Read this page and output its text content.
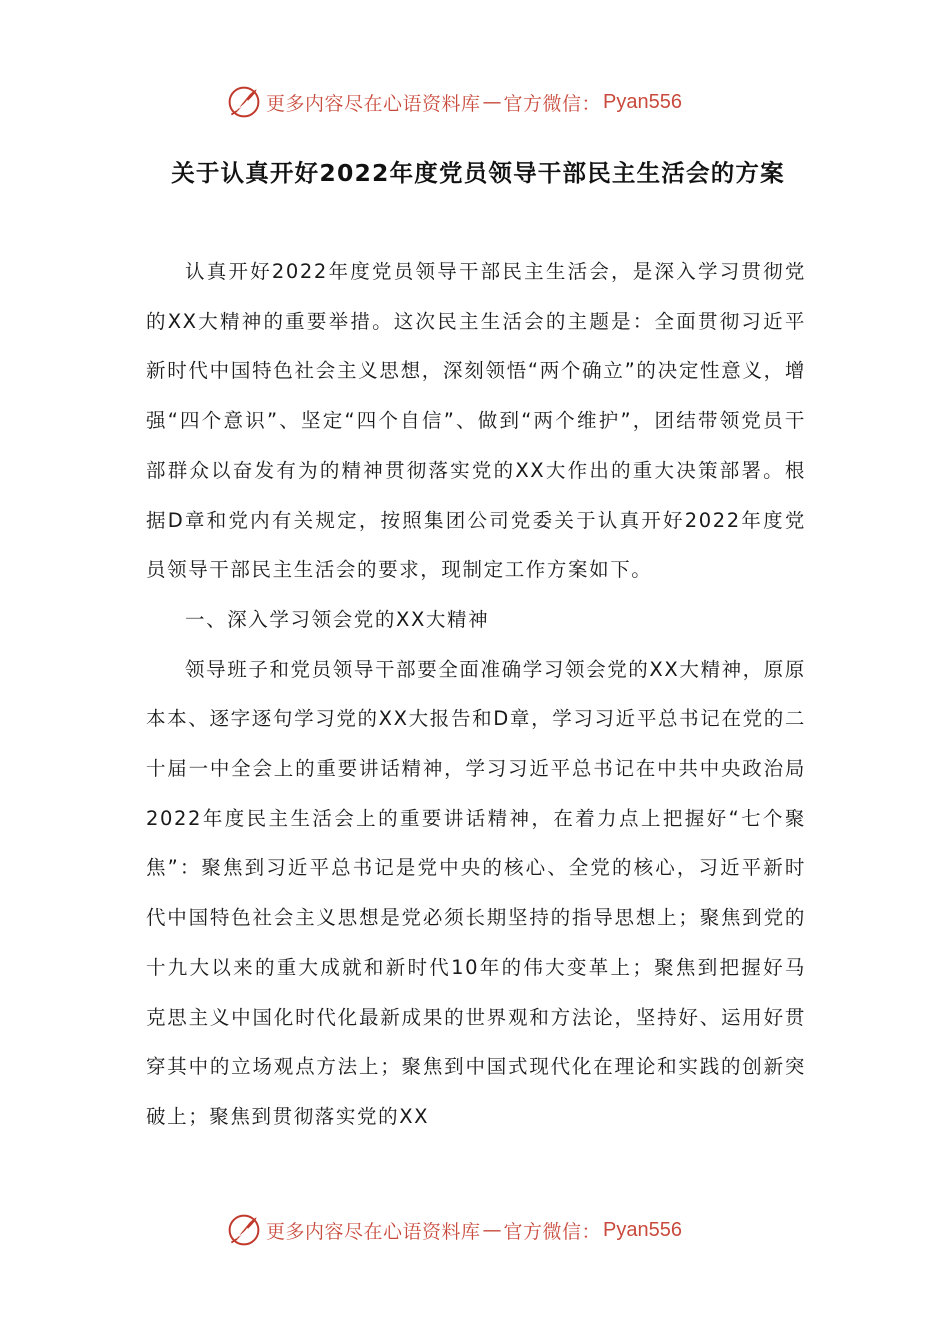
更多内容尽在心语资料库 — 官方微信： Pyan556
关于认真开好2022年度党员领导干部民主生活会的方案

认真开好2022年度党员领导干部民主生活会，是深入学习贯彻党的XX大精神的重要举措。这次民主生活会的主题是：全面贯彻习近平新时代中国特色社会主义思想，深刻领悟“两个确立”的决定性意义，增强“四个意识”、坚定“四个自信”、做到“两个维护”，团结带领党员干部群众以奋发有为的精神贯彻落实党的XX大作出的重大决策部署。根据D章和党内有关规定，按照集团公司党委关于认真开好2022年度党员领导干部民主生活会的要求，现制定工作方案如下。

一、深入学习领会党的XX大精神

领导班子和党员领导干部要全面准确学习领会党的XX大精神，原原本本、逐字逐句学习党的XX大报告和D章，学习习近平总书记在党的二十届一中全会上的重要讲话精神，学习习近平总书记在中共中央政治局2022年度民主生活会上的重要讲话精神，在着力点上把握好“七个聚焦”：聚焦到习近平总书记是党中央的核心、全党的核心，习近平新时代中国特色社会主义思想是党必须长期坚持的指导思想上；聚焦到党的十九大以来的重大成就和新时代10年的伟大变革上；聚焦到把握好马克思主义中国化时代化最新成果的世界观和方法论，坚持好、运用好贯穿其中的立场观点方法上；聚焦到中国式现代化在理论和实践的创新突破上；聚焦到贯彻落实党的XX

更多内容尽在心语资料库 — 官方微信： Pyan556
